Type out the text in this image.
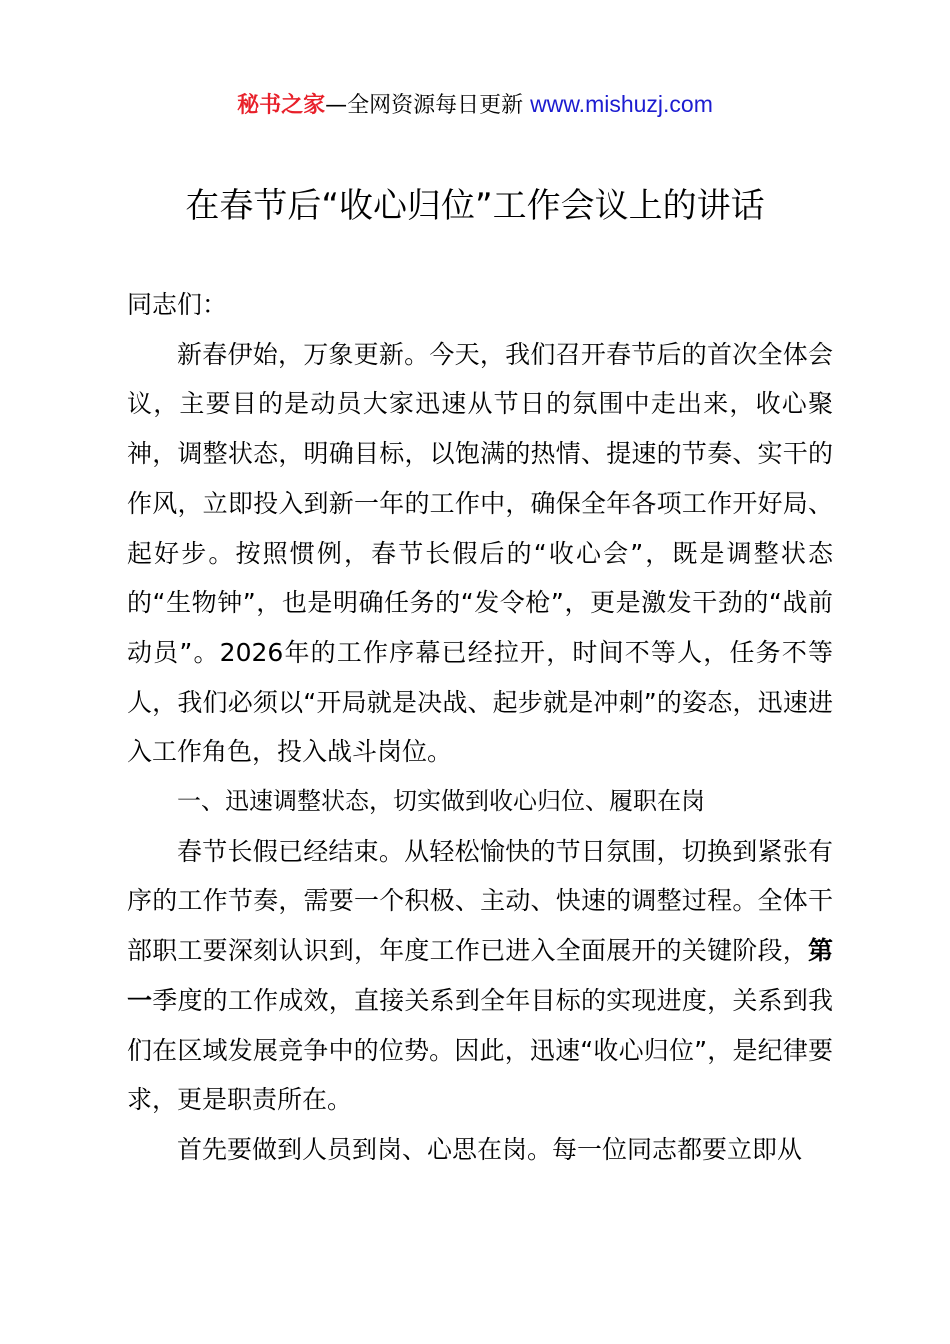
秘书之家—全网资源每日更新 www.mishuzj.com
在春节后“收心归位”工作会议上的讲话

同志们：

新春伊始，万象更新。今天，我们召开春节后的首次全体会议，主要目的是动员大家迅速从节日的氛围中走出来，收心聚神，调整状态，明确目标，以饱满的热情、提速的节奏、实干的作风，立即投入到新一年的工作中，确保全年各项工作开好局、起好步。按照惯例，春节长假后的“收心会”，既是调整状态的“生物钟”，也是明确任务的“发令枪”，更是激发干劲的“战前动员”。2026年的工作序幕已经拉开，时间不等人，任务不等人，我们必须以“开局就是决战、起步就是冲刺”的姿态，迅速进入工作角色，投入战斗岗位。

一、迅速调整状态，切实做到收心归位、履职在岗

春节长假已经结束。从轻松愉快的节日氛围，切换到紧张有序的工作节奏，需要一个积极、主动、快速的调整过程。全体干部职工要深刻认识到，年度工作已进入全面展开的关键阶段，第一季度的工作成效，直接关系到全年目标的实现进度，关系到我们在区域发展竞争中的位势。因此，迅速“收心归位”，是纪律要求，更是职责所在。

首先要做到人员到岗、心思在岗。每一位同志都要立即从
